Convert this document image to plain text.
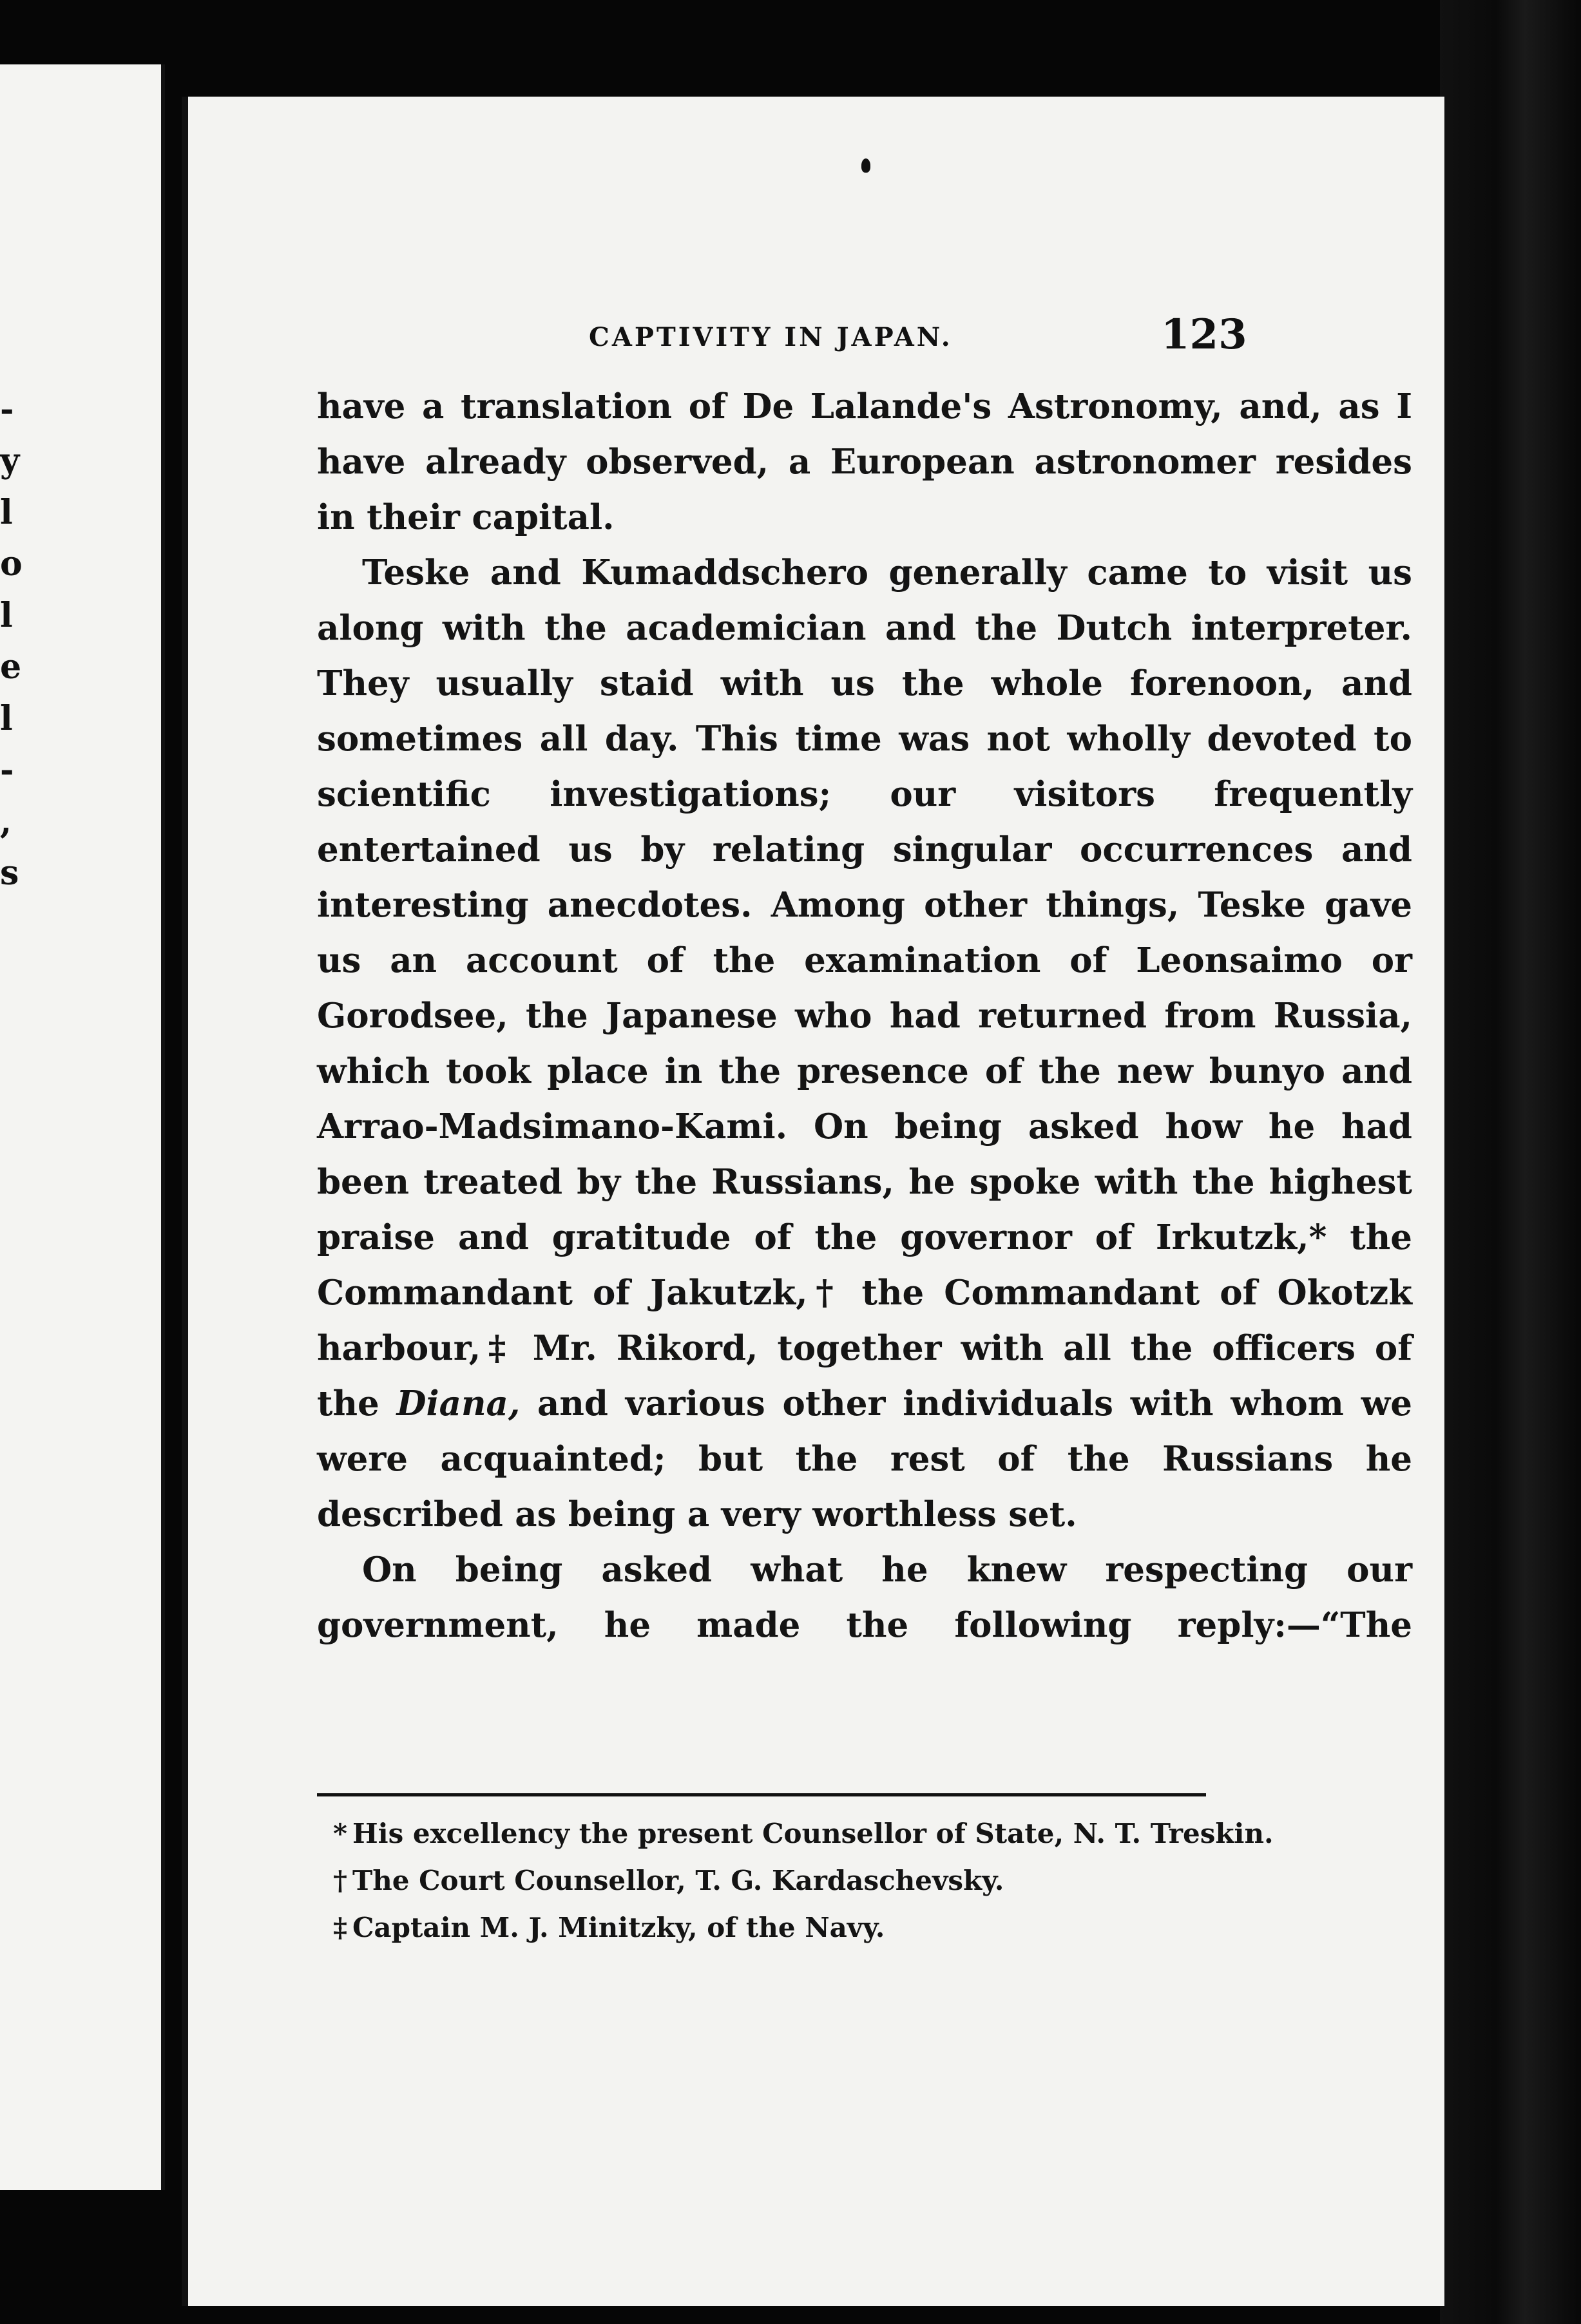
-
y
l
o
l
e
l
-
,
s
CAPTIVITY IN JAPAN.	123

have a translation of De Lalande's Astronomy, and, as I have already observed, a European astronomer resides in their capital.

Teske and Kumaddschero generally came to visit us along with the academician and the Dutch interpreter. They usually staid with us the whole forenoon, and sometimes all day. This time was not wholly devoted to scientific investigations; our visitors frequently entertained us by relating singular occurrences and interesting anecdotes. Among other things, Teske gave us an account of the examination of Leonsaimo or Gorodsee, the Japanese who had returned from Russia, which took place in the presence of the new bunyo and Arrao-Madsimano-Kami. On being asked how he had been treated by the Russians, he spoke with the highest praise and gratitude of the governor of Irkutzk,* the Commandant of Jakutzk,† the Commandant of Okotzk harbour,‡ Mr. Rikord, together with all the officers of the Diana, and various other individuals with whom we were acquainted; but the rest of the Russians he described as being a very worthless set.

On being asked what he knew respecting our government, he made the following reply:—“The

* His excellency the present Counsellor of State, N. T. Treskin.

† The Court Counsellor, T. G. Kardaschevsky.

‡ Captain M. J. Minitzky, of the Navy.
